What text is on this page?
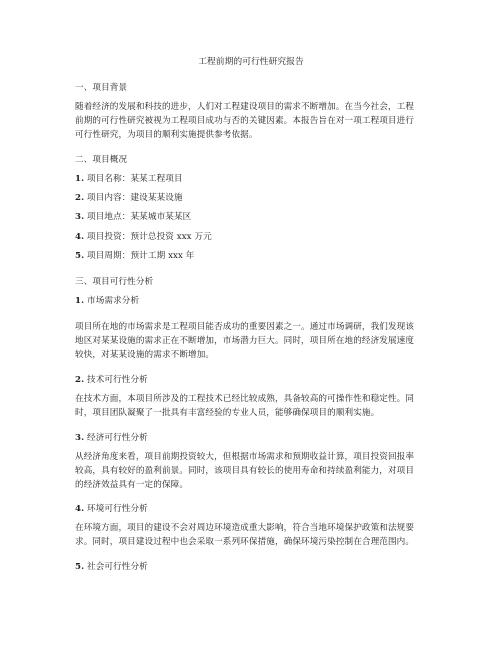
工程前期的可行性研究报告
一、项目背景
随着经济的发展和科技的进步，人们对工程建设项目的需求不断增加。在当今社会，工程
前期的可行性研究被视为工程项目成功与否的关键因素。本报告旨在对一项工程项目进行
可行性研究，为项目的顺利实施提供参考依据。
二、项目概况
1. 项目名称：某某工程项目
2. 项目内容：建设某某设施
3. 项目地点：某某城市某某区
4. 项目投资：预计总投资 xxx 万元
5. 项目周期：预计工期 xxx 年
三、项目可行性分析
1. 市场需求分析
项目所在地的市场需求是工程项目能否成功的重要因素之一。通过市场调研，我们发现该
地区对某某设施的需求正在不断增加，市场潜力巨大。同时，项目所在地的经济发展速度
较快，对某某设施的需求不断增加。
2. 技术可行性分析
在技术方面，本项目所涉及的工程技术已经比较成熟，具备较高的可操作性和稳定性。同
时，项目团队凝聚了一批具有丰富经验的专业人员，能够确保项目的顺利实施。
3. 经济可行性分析
从经济角度来看，项目前期投资较大，但根据市场需求和预期收益计算，项目投资回报率
较高，具有较好的盈利前景。同时，该项目具有较长的使用寿命和持续盈利能力，对项目
的经济效益具有一定的保障。
4. 环境可行性分析
在环境方面，项目的建设不会对周边环境造成重大影响，符合当地环境保护政策和法规要
求。同时，项目建设过程中也会采取一系列环保措施，确保环境污染控制在合理范围内。
5. 社会可行性分析
